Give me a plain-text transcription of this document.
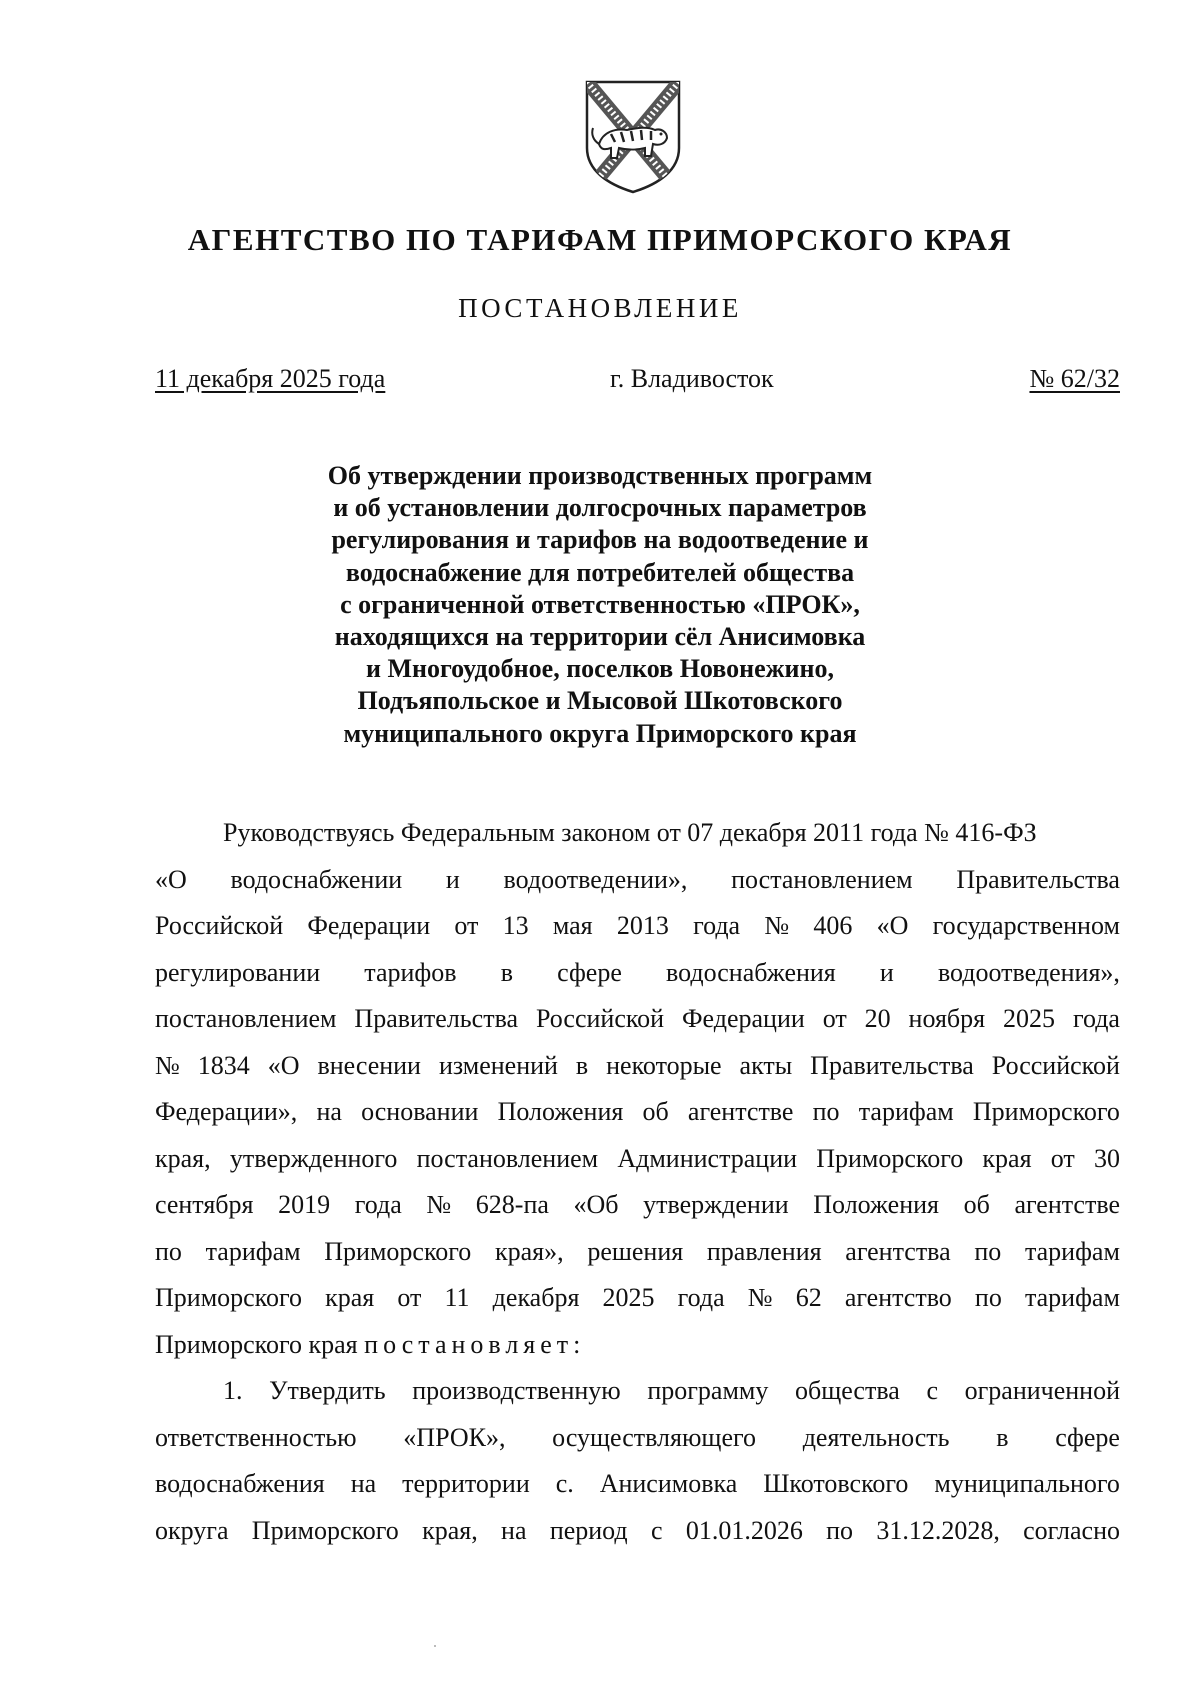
АГЕНТСТВО ПО ТАРИФАМ ПРИМОРСКОГО КРАЯ
ПОСТАНОВЛЕНИЕ
11 декабря 2025 года	г. Владивосток	№ 62/32
Об утверждении производственных программ
и об установлении долгосрочных параметров
регулирования и тарифов на водоотведение и
водоснабжение для потребителей общества
с ограниченной ответственностью «ПРОК»,
находящихся на территории сёл Анисимовка
и Многоудобное, поселков Новонежино,
Подъяпольское и Мысовой Шкотовского
муниципального округа Приморского края
Руководствуясь Федеральным законом от 07 декабря 2011 года № 416-ФЗ
«О водоснабжении и водоотведении», постановлением Правительства
Российской Федерации от 13 мая 2013 года № 406 «О государственном
регулировании тарифов в сфере водоснабжения и водоотведения»,
постановлением Правительства Российской Федерации от 20 ноября 2025 года
№ 1834 «О внесении изменений в некоторые акты Правительства Российской
Федерации», на основании Положения об агентстве по тарифам Приморского
края, утвержденного постановлением Администрации Приморского края от 30
сентября 2019 года № 628-па «Об утверждении Положения об агентстве
по тарифам Приморского края», решения правления агентства по тарифам
Приморского края от 11 декабря 2025 года № 62 агентство по тарифам
Приморского края постановляет:
1. Утвердить производственную программу общества с ограниченной
ответственностью «ПРОК», осуществляющего деятельность в сфере
водоснабжения на территории с. Анисимовка Шкотовского муниципального
округа Приморского края, на период с 01.01.2026 по 31.12.2028, согласно
